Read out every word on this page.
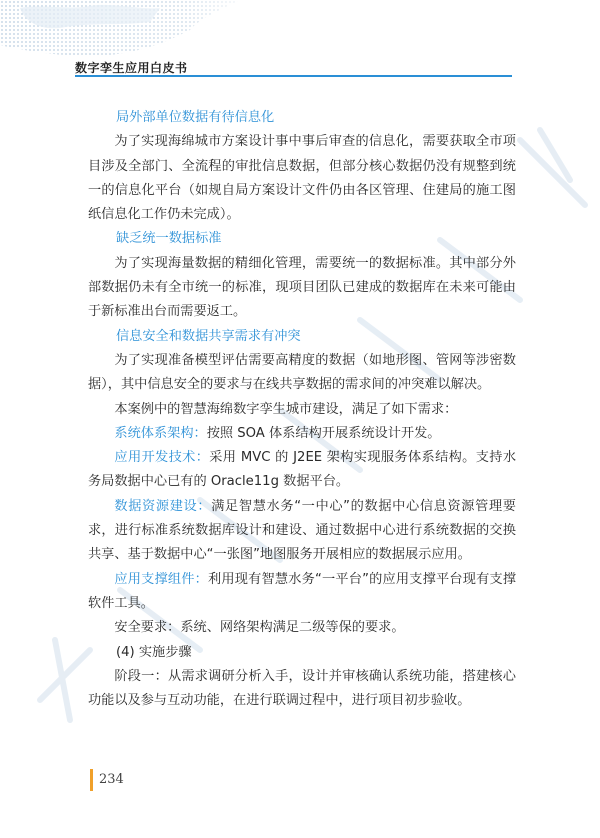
数字孪生应用白皮书

局外部单位数据有待信息化

为了实现海绵城市方案设计事中事后审查的信息化，需要获取全市项目涉及全部门、全流程的审批信息数据，但部分核心数据仍没有规整到统一的信息化平台（如规自局方案设计文件仍由各区管理、住建局的施工图纸信息化工作仍未完成）。

缺乏统一数据标准

为了实现海量数据的精细化管理，需要统一的数据标准。其中部分外部数据仍未有全市统一的标准，现项目团队已建成的数据库在未来可能由于新标准出台而需要返工。

信息安全和数据共享需求有冲突

为了实现准备模型评估需要高精度的数据（如地形图、管网等涉密数据），其中信息安全的要求与在线共享数据的需求间的冲突难以解决。

本案例中的智慧海绵数字孪生城市建设，满足了如下需求：

系统体系架构：按照 SOA 体系结构开展系统设计开发。

应用开发技术：采用 MVC 的 J2EE 架构实现服务体系结构。支持水务局数据中心已有的 Oracle11g 数据平台。

数据资源建设：满足智慧水务“一中心”的数据中心信息资源管理要求，进行标准系统数据库设计和建设、通过数据中心进行系统数据的交换共享、基于数据中心“一张图”地图服务开展相应的数据展示应用。

应用支撑组件：利用现有智慧水务“一平台”的应用支撑平台现有支撑软件工具。

安全要求：系统、网络架构满足二级等保的要求。

(4) 实施步骤

阶段一：从需求调研分析入手，设计并审核确认系统功能，搭建核心功能以及参与互动功能，在进行联调过程中，进行项目初步验收。

234
